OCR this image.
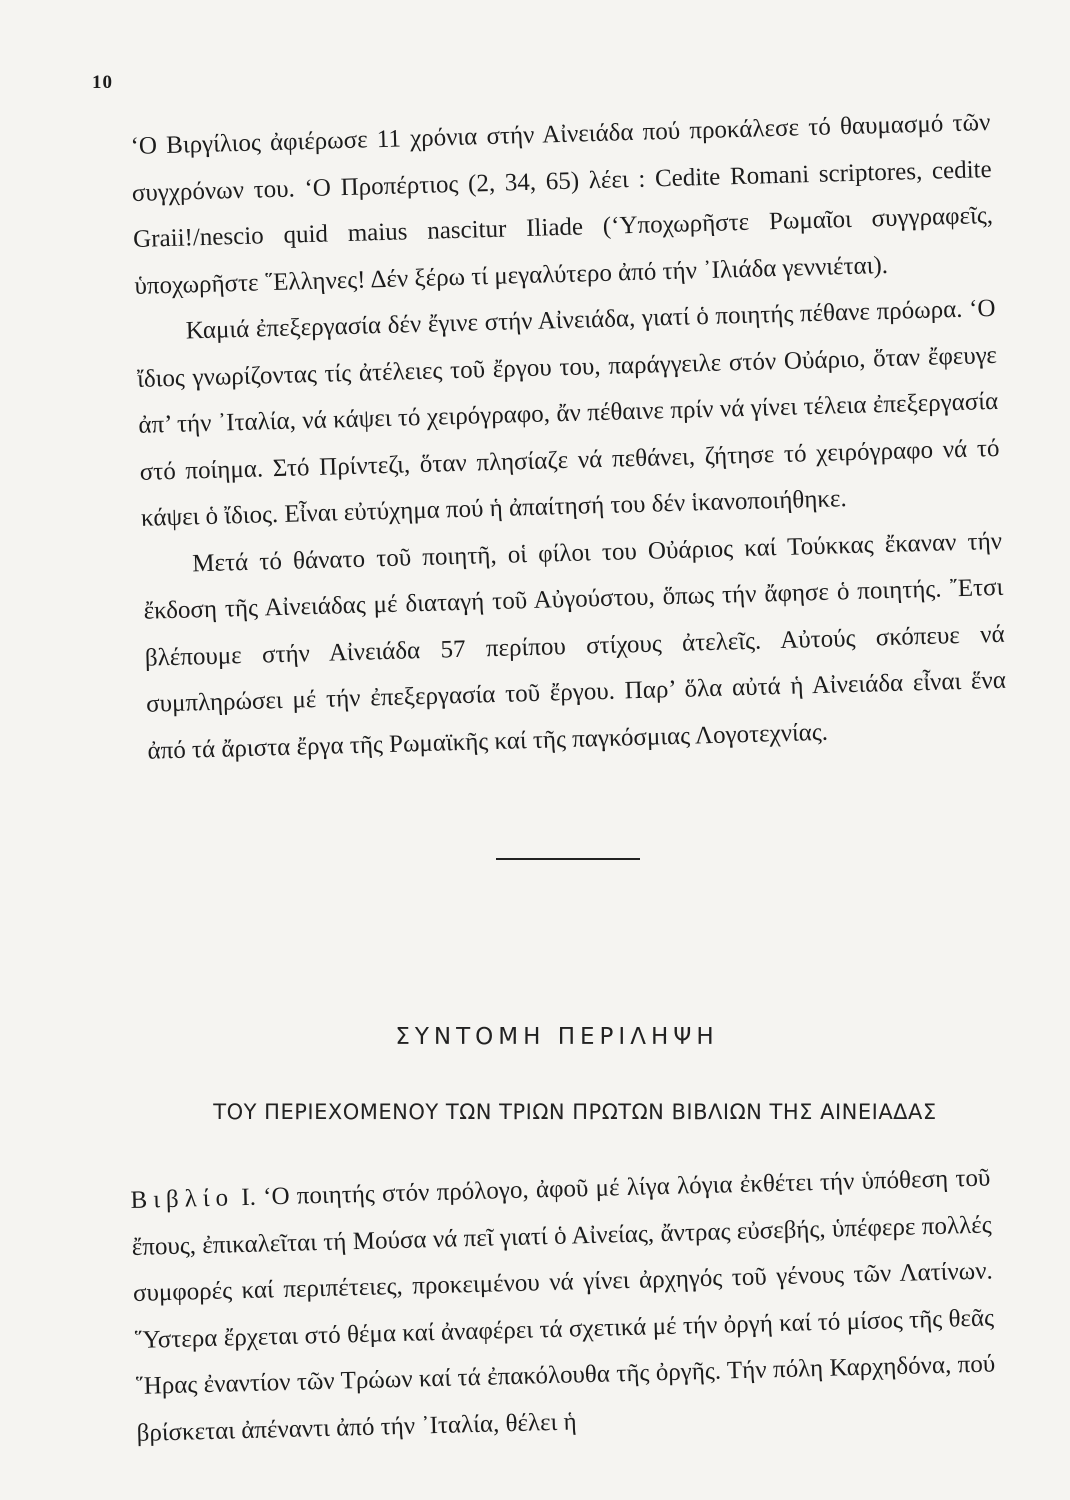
10

‘Ο Βιργίλιος ἀφιέρωσε 11 χρόνια στήν Αἰνειάδα πού προκάλεσε τό θαυμασμό τῶν συγχρόνων του. ‘Ο Προπέρτιος (2, 34, 65) λέει : Cedite Romani scriptores, cedite Graii!/nescio quid maius nascitur Iliade (‘Υποχωρῆστε Ρωμαῖοι συγγραφεῖς, ὑποχωρῆστε ῞Ελληνες! Δέν ξέρω τί μεγαλύτερο ἀπό τήν ᾿Ιλιάδα γεννιέται).

Καμιά ἐπεξεργασία δέν ἔγινε στήν Αἰνειάδα, γιατί ὁ ποιητής πέθανε πρόωρα. ‘Ο ἴδιος γνωρίζοντας τίς ἀτέλειες τοῦ ἔργου του, παράγγειλε στόν Οὐάριο, ὅταν ἔφευγε ἀπ’ τήν ᾿Ιταλία, νά κάψει τό χειρόγραφο, ἄν πέθαινε πρίν νά γίνει τέλεια ἐπεξεργασία στό ποίημα. Στό Πρίντεζι, ὅταν πλησίαζε νά πεθάνει, ζήτησε τό χειρόγραφο νά τό κάψει ὁ ἴδιος. Εἶναι εὐτύχημα πού ἡ ἀπαίτησή του δέν ἱκανοποιήθηκε.

Μετά τό θάνατο τοῦ ποιητῆ, οἱ φίλοι του Οὐάριος καί Τούκκας ἔκαναν τήν ἔκδοση τῆς Αἰνειάδας μέ διαταγή τοῦ Αὐγούστου, ὅπως τήν ἄφησε ὁ ποιητής. ῎Ετσι βλέπουμε στήν Αἰνειάδα 57 περίπου στίχους ἀτελεῖς. Αὐτούς σκόπευε νά συμπληρώσει μέ τήν ἐπεξεργασία τοῦ ἔργου. Παρ’ ὅλα αὐτά ἡ Αἰνειάδα εἶναι ἕνα ἀπό τά ἄριστα ἔργα τῆς Ρωμαϊκῆς καί τῆς παγκόσμιας Λογοτεχνίας.

ΣΥΝΤΟΜΗ ΠΕΡΙΛΗΨΗ
ΤΟΥ ΠΕΡΙΕΧΟΜΕΝΟΥ ΤΩΝ ΤΡΙΩΝ ΠΡΩΤΩΝ ΒΙΒΛΙΩΝ ΤΗΣ ΑΙΝΕΙΑΔΑΣ

Βιβλίο Ι. ‘Ο ποιητής στόν πρόλογο, ἀφοῦ μέ λίγα λόγια ἐκθέτει τήν ὑπόθεση τοῦ ἔπους, ἐπικαλεῖται τή Μούσα νά πεῖ γιατί ὁ Αἰνείας, ἄντρας εὐσεβής, ὑπέφερε πολλές συμφορές καί περιπέτειες, προκειμένου νά γίνει ἀρχηγός τοῦ γένους τῶν Λατίνων. ῞Υστερα ἔρχεται στό θέμα καί ἀναφέρει τά σχετικά μέ τήν ὀργή καί τό μίσος τῆς θεᾶς ῞Ηρας ἐναντίον τῶν Τρώων καί τά ἐπακόλουθα τῆς ὀργῆς. Τήν πόλη Καρχηδόνα, πού βρίσκεται ἀπέναντι ἀπό τήν ᾿Ιταλία, θέλει ἡ
